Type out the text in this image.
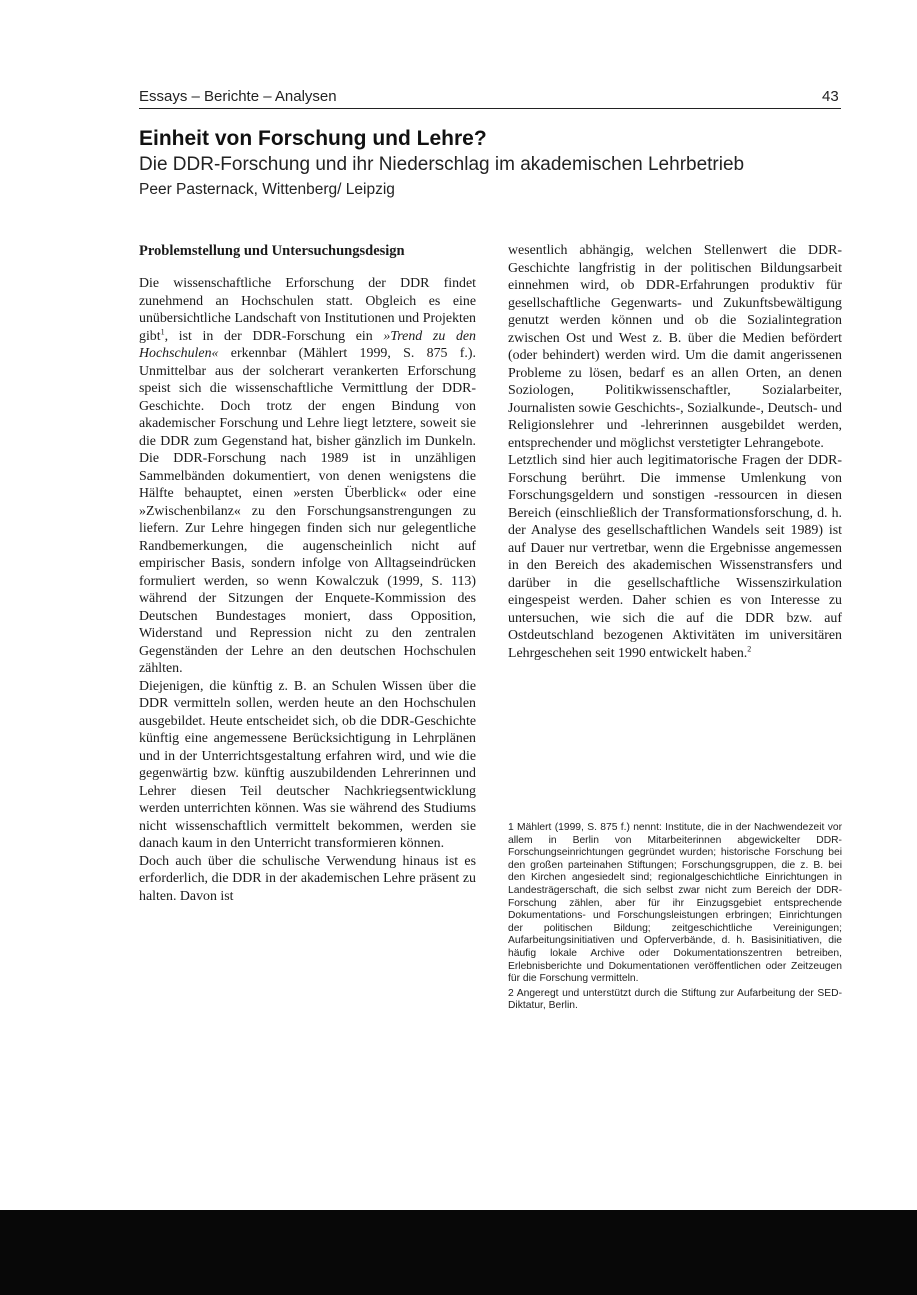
Essays – Berichte – Analysen	43
Einheit von Forschung und Lehre?
Die DDR-Forschung und ihr Niederschlag im akademischen Lehrbetrieb
Peer Pasternack, Wittenberg/ Leipzig
Problemstellung und Untersuchungsdesign

Die wissenschaftliche Erforschung der DDR findet zunehmend an Hochschulen statt. Obgleich es eine unübersichtliche Landschaft von Institutionen und Projekten gibt$^1$, ist in der DDR-Forschung ein »Trend zu den Hochschulen« erkennbar (Mählert 1999, S. 875 f.). Unmittelbar aus der solcherart verankerten Erforschung speist sich die wissenschaftliche Vermittlung der DDR-Geschichte. Doch trotz der engen Bindung von akademischer Forschung und Lehre liegt letztere, soweit sie die DDR zum Gegenstand hat, bisher gänzlich im Dunkeln. Die DDR-Forschung nach 1989 ist in unzähligen Sammelbänden dokumentiert, von denen wenigstens die Hälfte behauptet, einen »ersten Überblick« oder eine »Zwischenbilanz« zu den Forschungsanstrengungen zu liefern. Zur Lehre hingegen finden sich nur gelegentliche Randbemerkungen, die augenscheinlich nicht auf empirischer Basis, sondern infolge von Alltagseindrücken formuliert werden, so wenn Kowalczuk (1999, S. 113) während der Sitzungen der Enquete-Kommission des Deutschen Bundestages moniert, dass Opposition, Widerstand und Repression nicht zu den zentralen Gegenständen der Lehre an den deutschen Hochschulen zählten.

Diejenigen, die künftig z. B. an Schulen Wissen über die DDR vermitteln sollen, werden heute an den Hochschulen ausgebildet. Heute entscheidet sich, ob die DDR-Geschichte künftig eine angemessene Berücksichtigung in Lehrplänen und in der Unterrichtsgestaltung erfahren wird, und wie die gegenwärtig bzw. künftig auszubildenden Lehrerinnen und Lehrer diesen Teil deutscher Nachkriegsentwicklung werden unterrichten können. Was sie während des Studiums nicht wissenschaftlich vermittelt bekommen, werden sie danach kaum in den Unterricht transformieren können.

Doch auch über die schulische Verwendung hinaus ist es erforderlich, die DDR in der akademischen Lehre präsent zu halten. Davon ist

wesentlich abhängig, welchen Stellenwert die DDR-Geschichte langfristig in der politischen Bildungsarbeit einnehmen wird, ob DDR-Erfahrungen produktiv für gesellschaftliche Gegenwarts- und Zukunftsbewältigung genutzt werden können und ob die Sozialintegration zwischen Ost und West z. B. über die Medien befördert (oder behindert) werden wird. Um die damit angerissenen Probleme zu lösen, bedarf es an allen Orten, an denen Soziologen, Politikwissenschaftler, Sozialarbeiter, Journalisten sowie Geschichts-, Sozialkunde-, Deutsch- und Religionslehrer und -lehrerinnen ausgebildet werden, entsprechender und möglichst verstetigter Lehrangebote.

Letztlich sind hier auch legitimatorische Fragen der DDR-Forschung berührt. Die immense Umlenkung von Forschungsgeldern und sonstigen -ressourcen in diesen Bereich (einschließlich der Transformationsforschung, d. h. der Analyse des gesellschaftlichen Wandels seit 1989) ist auf Dauer nur vertretbar, wenn die Ergebnisse angemessen in den Bereich des akademischen Wissenstransfers und darüber in die gesellschaftliche Wissenszirkulation eingespeist werden. Daher schien es von Interesse zu untersuchen, wie sich die auf die DDR bzw. auf Ostdeutschland bezogenen Aktivitäten im universitären Lehrgeschehen seit 1990 entwickelt haben.$^2$

1 Mählert (1999, S. 875 f.) nennt: Institute, die in der Nachwendezeit vor allem in Berlin von Mitarbeiterinnen abgewickelter DDR-Forschungseinrichtungen gegründet wurden; historische Forschung bei den großen parteinahen Stiftungen; Forschungsgruppen, die z. B. bei den Kirchen angesiedelt sind; regionalgeschichtliche Einrichtungen in Landesträgerschaft, die sich selbst zwar nicht zum Bereich der DDR-Forschung zählen, aber für ihr Einzugsgebiet entsprechende Dokumentations- und Forschungsleistungen erbringen; Einrichtungen der politischen Bildung; zeitgeschichtliche Vereinigungen; Aufarbeitungsinitiativen und Opferverbände, d. h. Basisinitiativen, die häufig lokale Archive oder Dokumentationszentren betreiben, Erlebnisberichte und Dokumentationen veröffentlichen oder Zeitzeugen für die Forschung vermitteln.

2 Angeregt und unterstützt durch die Stiftung zur Aufarbeitung der SED-Diktatur, Berlin.
